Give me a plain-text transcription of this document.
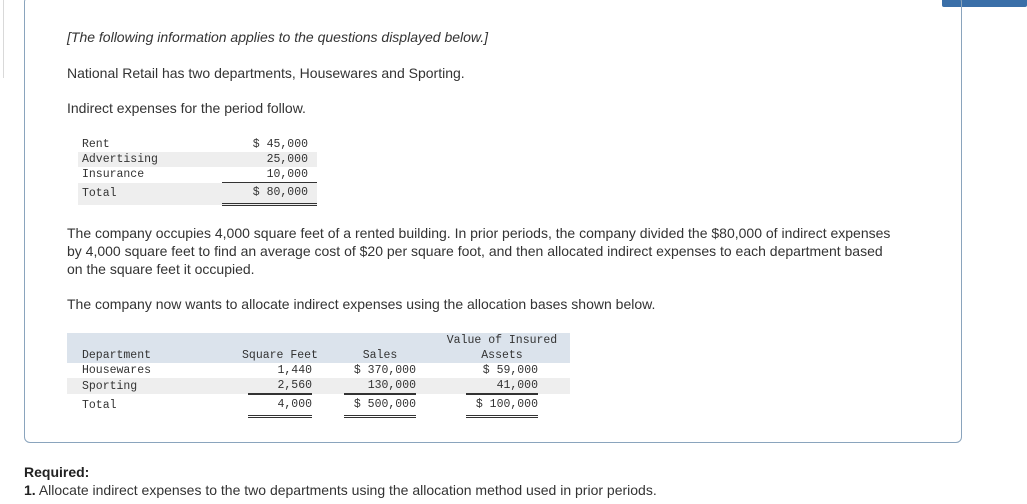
[The following information applies to the questions displayed below.]
National Retail has two departments, Housewares and Sporting.
Indirect expenses for the period follow.
Rent	$ 45,000
Advertising	25,000
Insurance	10,000
Total	$ 80,000
The company occupies 4,000 square feet of a rented building. In prior periods, the company divided the $80,000 of indirect expenses by 4,000 square feet to find an average cost of $20 per square foot, and then allocated indirect expenses to each department based on the square feet it occupied.
The company now wants to allocate indirect expenses using the allocation bases shown below.
			Value of Insured
Department	Square Feet	Sales	Assets
Housewares	1,440	$ 370,000	$ 59,000
Sporting	2,560	130,000	41,000
Total	4,000	$ 500,000	$ 100,000
Required:
1. Allocate indirect expenses to the two departments using the allocation method used in prior periods.
